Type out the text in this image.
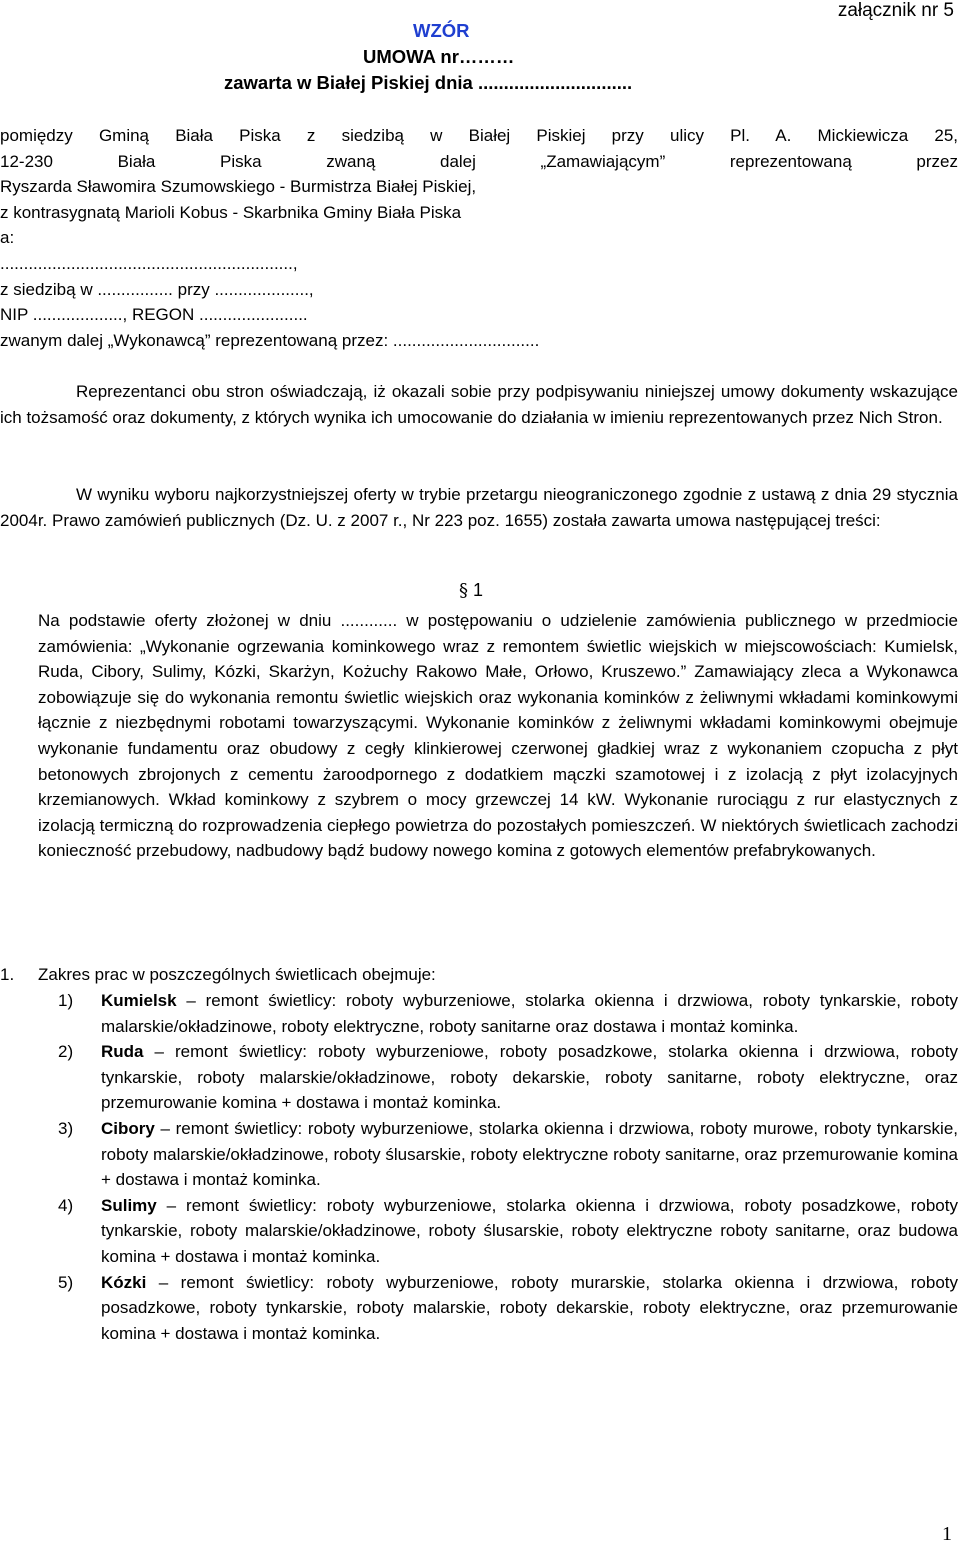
załącznik nr 5
WZÓR
UMOWA nr………
zawarta w Białej Piskiej dnia ..............................
pomiędzy Gminą Biała Piska z siedzibą w Białej Piskiej przy ulicy Pl. A. Mickiewicza 25,
12-230 Biała Piska zwaną dalej „Zamawiającym” reprezentowaną przez
Ryszarda Sławomira Szumowskiego - Burmistrza Białej Piskiej,
z kontrasygnatą Marioli Kobus - Skarbnika Gminy Biała Piska
a:
..............................................................,
z siedzibą w ................ przy ....................,
NIP ..................., REGON .......................
zwanym dalej „Wykonawcą” reprezentowaną przez: ...............................
Reprezentanci obu stron oświadczają, iż okazali sobie przy podpisywaniu niniejszej umowy dokumenty wskazujące ich tożsamość oraz dokumenty, z których wynika ich umocowanie do działania w imieniu reprezentowanych przez Nich Stron.
W wyniku wyboru najkorzystniejszej oferty w trybie przetargu nieograniczonego zgodnie z ustawą z dnia 29 stycznia 2004r. Prawo zamówień publicznych (Dz. U. z 2007 r., Nr 223 poz. 1655) została zawarta umowa następującej treści:
§ 1
Na podstawie oferty złożonej w dniu ............ w postępowaniu o udzielenie zamówienia publicznego w przedmiocie zamówienia: „Wykonanie ogrzewania kominkowego wraz z remontem świetlic wiejskich w miejscowościach: Kumielsk, Ruda, Cibory, Sulimy, Kózki, Skarżyn, Kożuchy Rakowo Małe, Orłowo, Kruszewo.” Zamawiający zleca a Wykonawca zobowiązuje się do wykonania remontu świetlic wiejskich oraz wykonania kominków z żeliwnymi wkładami kominkowymi łącznie z niezbędnymi robotami towarzyszącymi. Wykonanie kominków z żeliwnymi wkładami kominkowymi obejmuje wykonanie fundamentu oraz obudowy z cegły klinkierowej czerwonej gładkiej wraz z wykonaniem czopucha z płyt betonowych zbrojonych z cementu żaroodpornego z dodatkiem mączki szamotowej i z izolacją z płyt izolacyjnych krzemianowych. Wkład kominkowy z szybrem o mocy grzewczej 14 kW. Wykonanie rurociągu z rur elastycznych z izolacją termiczną do rozprowadzenia ciepłego powietrza do pozostałych pomieszczeń. W niektórych świetlicach zachodzi konieczność przebudowy, nadbudowy bądź budowy nowego komina z gotowych elementów prefabrykowanych.
1. Zakres prac w poszczególnych świetlicach obejmuje:
1) Kumielsk – remont świetlicy: roboty wyburzeniowe, stolarka okienna i drzwiowa, roboty tynkarskie, roboty malarskie/okładzinowe, roboty elektryczne, roboty sanitarne oraz dostawa i montaż kominka.
2) Ruda – remont świetlicy: roboty wyburzeniowe, roboty posadzkowe, stolarka okienna i drzwiowa, roboty tynkarskie, roboty malarskie/okładzinowe, roboty dekarskie, roboty sanitarne, roboty elektryczne, oraz przemurowanie komina + dostawa i montaż kominka.
3) Cibory – remont świetlicy: roboty wyburzeniowe, stolarka okienna i drzwiowa, roboty murowe, roboty tynkarskie, roboty malarskie/okładzinowe, roboty ślusarskie, roboty elektryczne roboty sanitarne, oraz przemurowanie komina + dostawa i montaż kominka.
4) Sulimy – remont świetlicy: roboty wyburzeniowe, stolarka okienna i drzwiowa, roboty posadzkowe, roboty tynkarskie, roboty malarskie/okładzinowe, roboty ślusarskie, roboty elektryczne roboty sanitarne, oraz budowa komina + dostawa i montaż kominka.
5) Kózki – remont świetlicy: roboty wyburzeniowe, roboty murarskie, stolarka okienna i drzwiowa, roboty posadzkowe, roboty tynkarskie, roboty malarskie, roboty dekarskie, roboty elektryczne, oraz przemurowanie komina + dostawa i montaż kominka.
1
